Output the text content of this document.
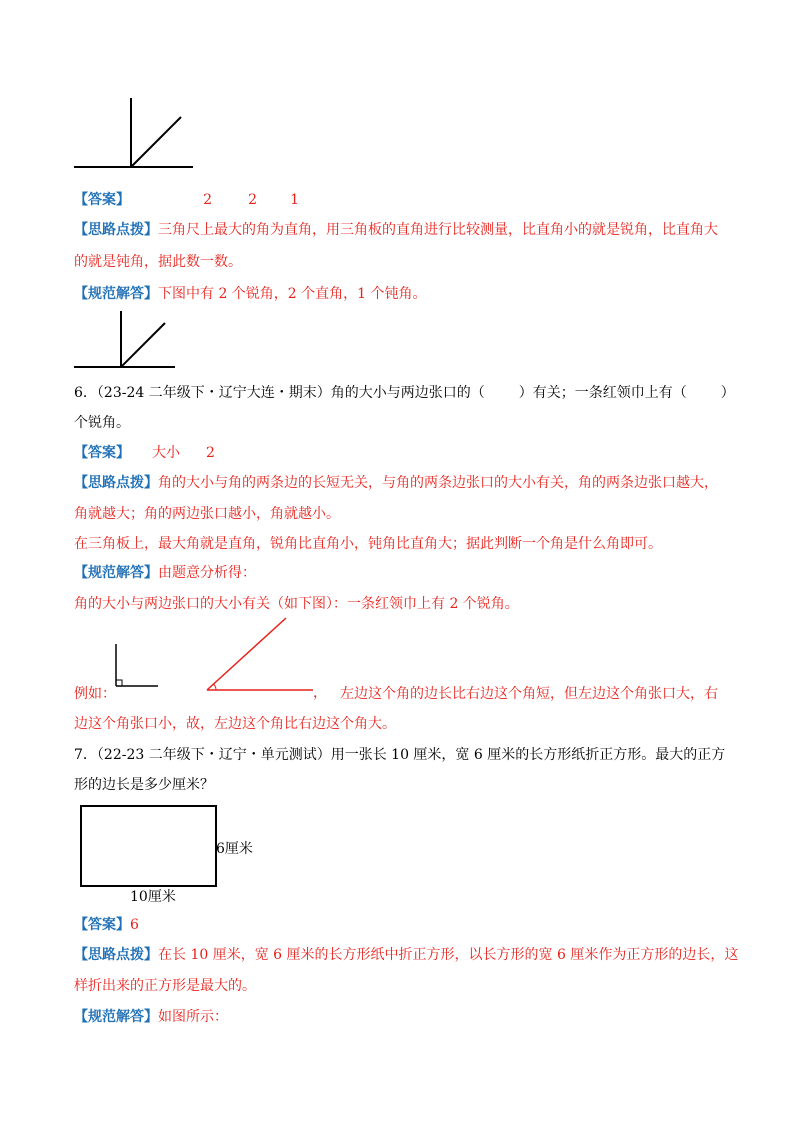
【答案】	2	2 1
【思路点拨】三角尺上最大的角为直角，用三角板的直角进行比较测量，比直角小的就是锐角，比直角大
的就是钝角，据此数一数。
【规范解答】下图中有 2 个锐角，2 个直角，1 个钝角。
6．（23-24 二年级下・辽宁大连・期末）角的大小与两边张口的（ ）有关；一条红领巾上有（ ）
个锐角。
【答案】 大小 2
【思路点拨】角的大小与角的两条边的长短无关，与角的两条边张口的大小有关，角的两条边张口越大，
角就越大；角的两边张口越小，角就越小。
在三角板上，最大角就是直角，锐角比直角小，钝角比直角大；据此判断一个角是什么角即可。
【规范解答】由题意分析得：
角的大小与两边张口的大小有关（如下图）：一条红领巾上有 2 个锐角。
例如：	， 左边这个角的边长比右边这个角短，但左边这个角张口大，右
边这个角张口小，故，左边这个角比右边这个角大。
7．（22-23 二年级下・辽宁・单元测试）用一张长 10 厘米，宽 6 厘米的长方形纸折正方形。最大的正方
形的边长是多少厘米？
6厘米
10厘米
【答案】6
【思路点拨】在长 10 厘米，宽 6 厘米的长方形纸中折正方形，以长方形的宽 6 厘米作为正方形的边长，这
样折出来的正方形是最大的。
【规范解答】如图所示：
